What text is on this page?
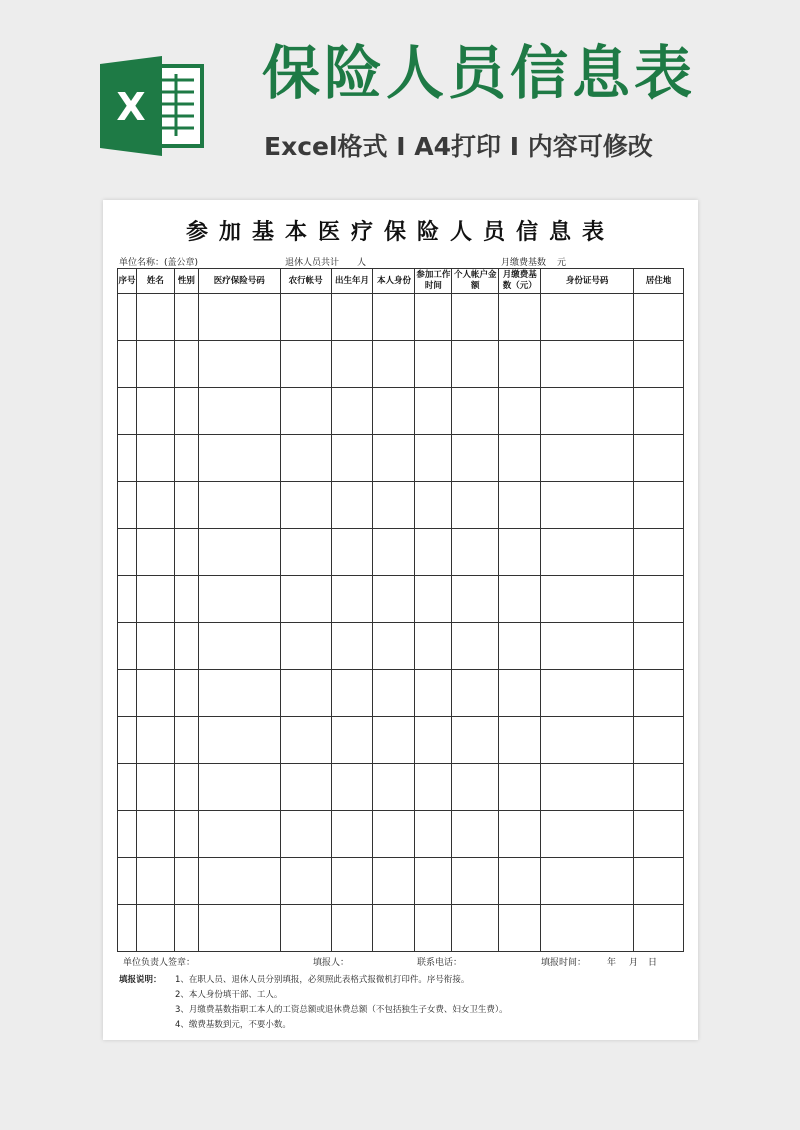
X 保险人员信息表
Excel格式 Ⅰ A4打印 Ⅰ 内容可修改
参加基本医疗保险人员信息表
单位名称：(盖公章)	退休人员共计 人	月缴费基数 元
序号	姓名	性别	医疗保险号码	农行帐号	出生年月	本人身份	参加工作时间	个人帐户金额	月缴费基数（元）	身份证号码	居住地

单位负责人签章：	填报人：	联系电话：	填报时间： 年 月 日
填报说明： 1、在职人员、退休人员分别填报，必须照此表格式报微机打印件。序号衔接。
2、本人身份填干部、工人。
3、月缴费基数指职工本人的工资总额或退休费总额（不包括独生子女费、妇女卫生费）。
4、缴费基数到元，不要小数。
